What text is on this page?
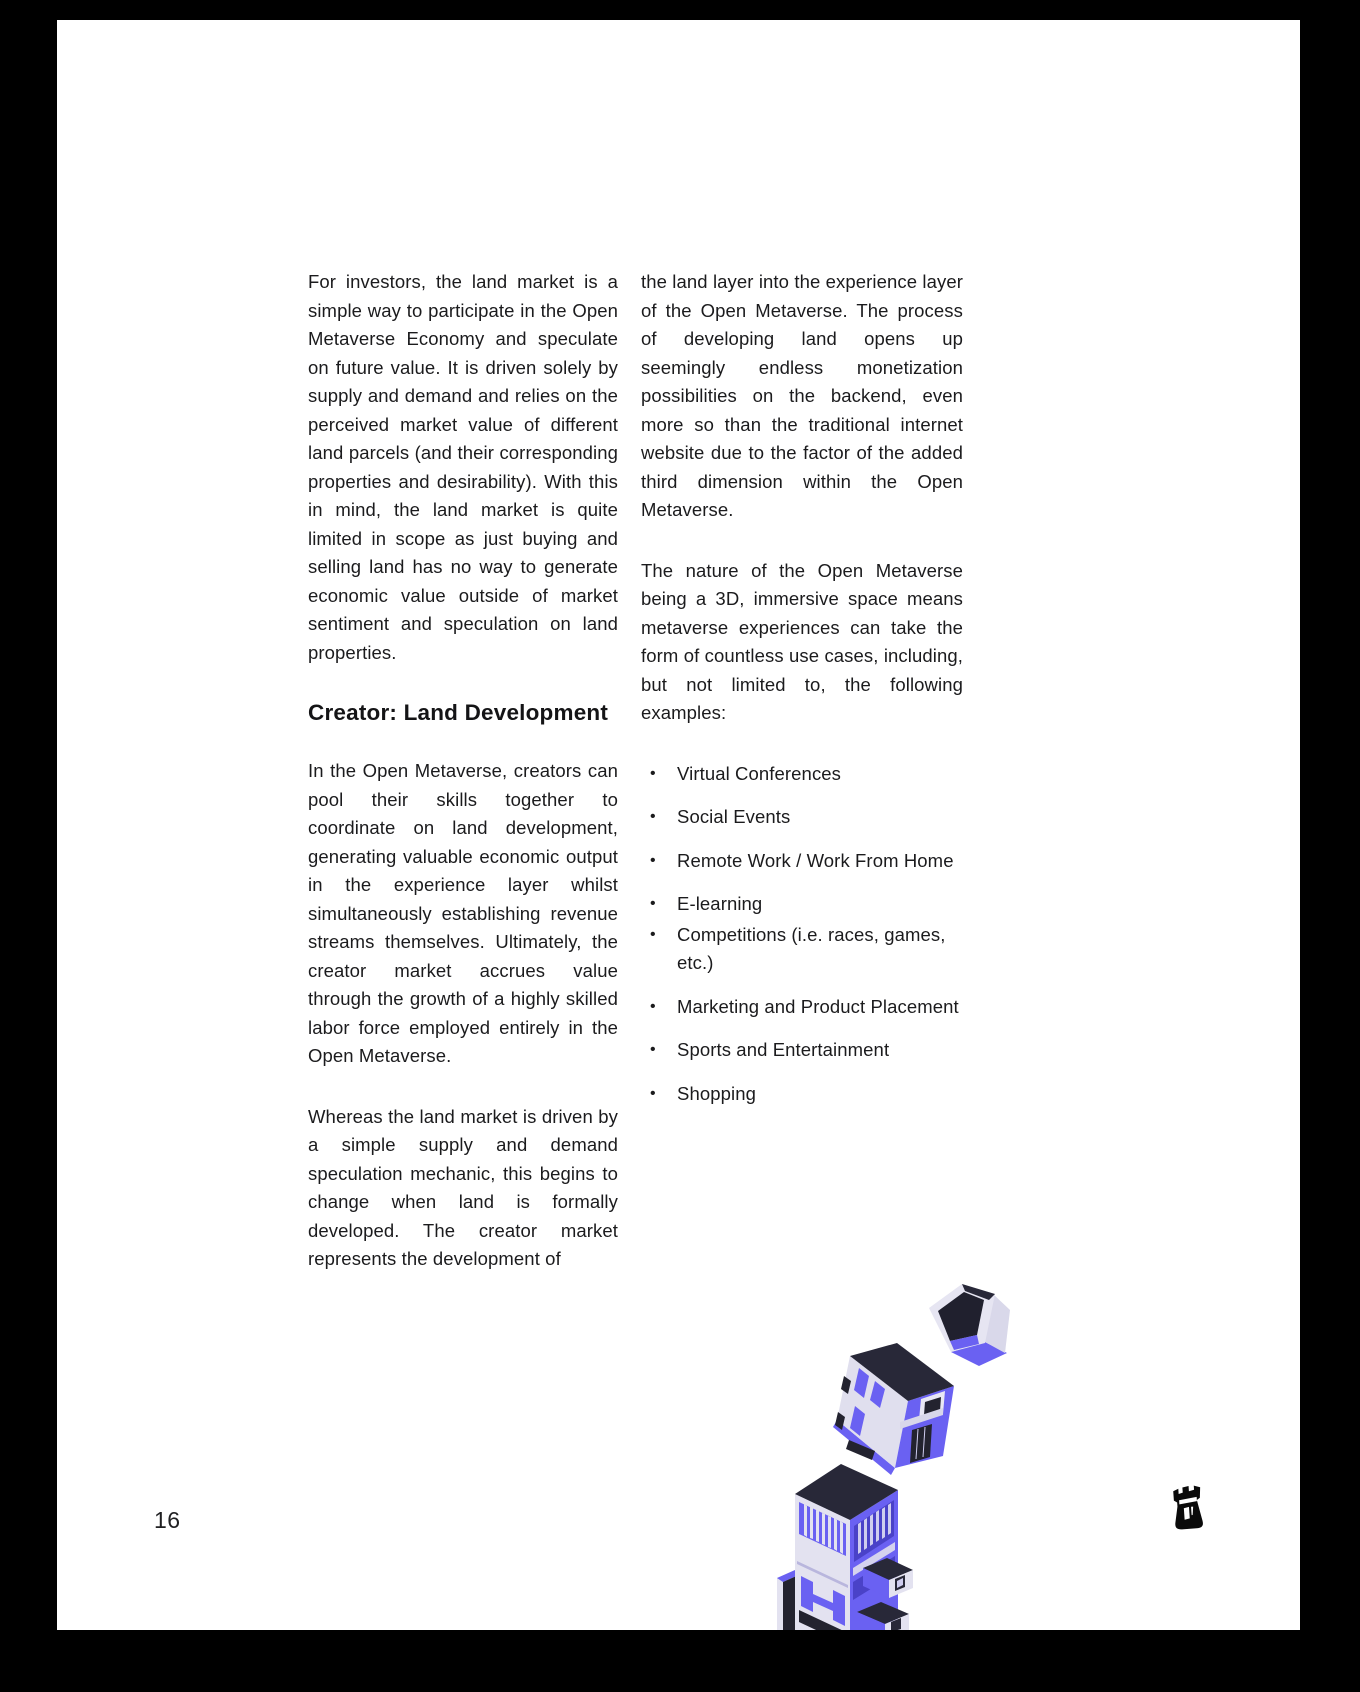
For investors, the land market is a simple way to participate in the Open Metaverse Economy and speculate on future value. It is driven solely by supply and demand and relies on the perceived market value of different land parcels (and their corresponding properties and desirability). With this in mind, the land market is quite limited in scope as just buying and selling land has no way to generate economic value outside of market sentiment and speculation on land properties.

Creator: Land Development

In the Open Metaverse, creators can pool their skills together to coordinate on land development, generating valuable economic output in the experience layer whilst simultaneously establishing revenue streams themselves. Ultimately, the creator market accrues value through the growth of a highly skilled labor force employed entirely in the Open Metaverse.

Whereas the land market is driven by a simple supply and demand speculation mechanic, this begins to change when land is formally developed. The creator market represents the development of

the land layer into the experience layer of the Open Metaverse. The process of developing land opens up seemingly endless monetization possibilities on the backend, even more so than the traditional internet website due to the factor of the added third dimension within the Open Metaverse.

The nature of the Open Metaverse being a 3D, immersive space means metaverse experiences can take the form of countless use cases, including, but not limited to, the following examples:

•	Virtual Conferences
•	Social Events
•	Remote Work / Work From Home
•	E-learning
•	Competitions (i.e. races, games, etc.)
•	Marketing and Product Placement
•	Sports and Entertainment
•	Shopping
16
